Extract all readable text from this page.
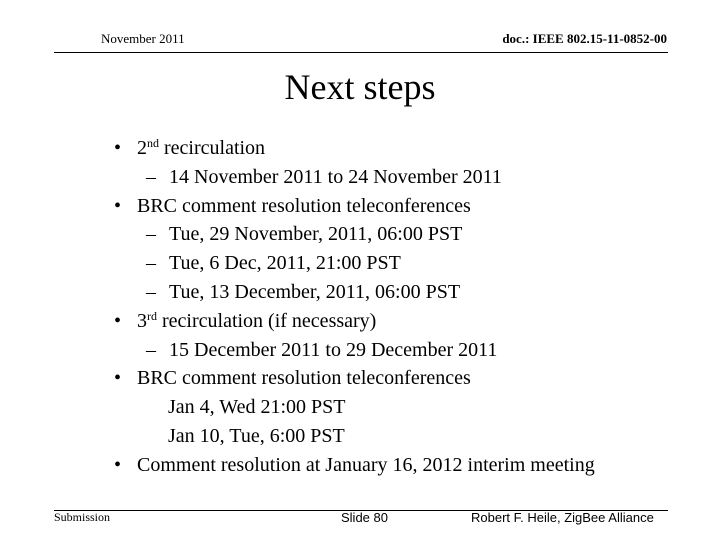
November 2011	doc.: IEEE 802.15-11-0852-00
Next steps
• 2nd recirculation
– 14 November 2011 to 24 November 2011
• BRC comment resolution teleconferences
– Tue, 29 November, 2011, 06:00 PST
– Tue, 6 Dec, 2011, 21:00 PST
– Tue, 13 December, 2011, 06:00 PST
• 3rd recirculation (if necessary)
– 15 December 2011 to 29 December 2011
• BRC comment resolution teleconferences
Jan 4, Wed 21:00 PST
Jan 10, Tue, 6:00 PST
• Comment resolution at January 16, 2012 interim meeting
Submission	Slide 80	Robert F. Heile, ZigBee Alliance
